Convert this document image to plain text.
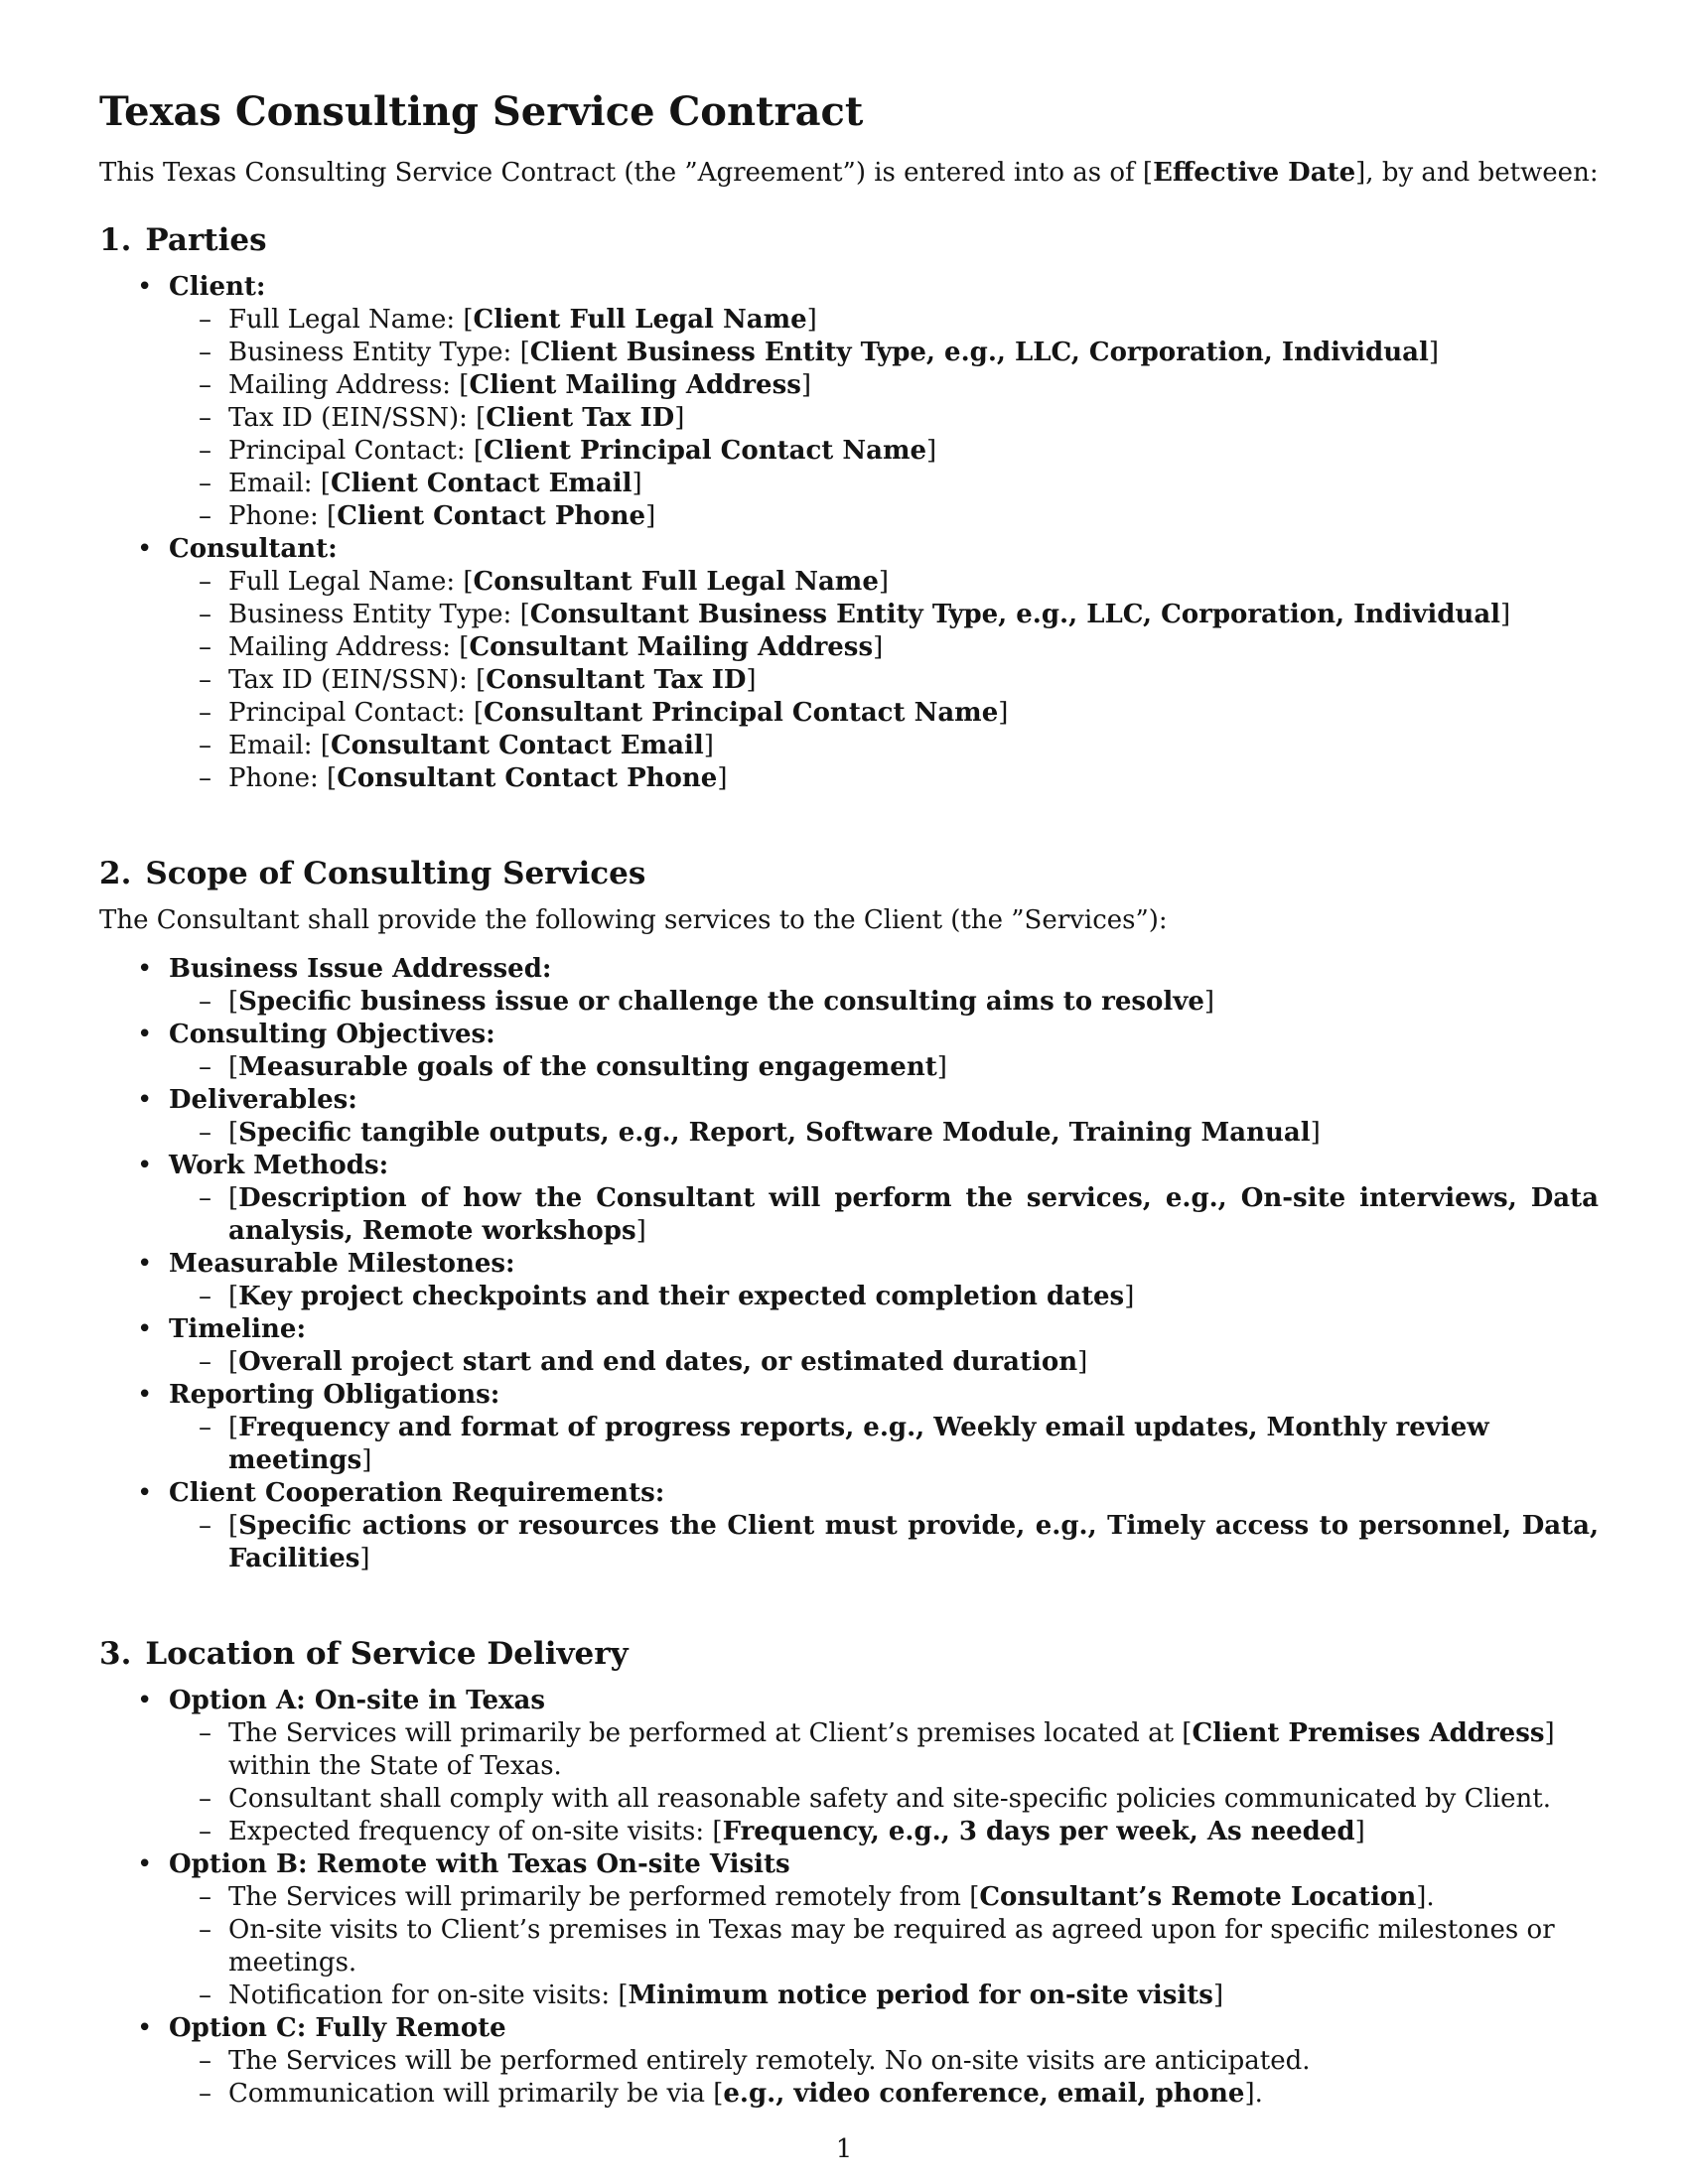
Texas Consulting Service Contract

This Texas Consulting Service Contract (the ”Agreement”) is entered into as of [Effective Date], by and between:

1. Parties
• Client:
– Full Legal Name: [Client Full Legal Name]
– Business Entity Type: [Client Business Entity Type, e.g., LLC, Corporation, Individual]
– Mailing Address: [Client Mailing Address]
– Tax ID (EIN/SSN): [Client Tax ID]
– Principal Contact: [Client Principal Contact Name]
– Email: [Client Contact Email]
– Phone: [Client Contact Phone]
• Consultant:
– Full Legal Name: [Consultant Full Legal Name]
– Business Entity Type: [Consultant Business Entity Type, e.g., LLC, Corporation, Individual]
– Mailing Address: [Consultant Mailing Address]
– Tax ID (EIN/SSN): [Consultant Tax ID]
– Principal Contact: [Consultant Principal Contact Name]
– Email: [Consultant Contact Email]
– Phone: [Consultant Contact Phone]
2. Scope of Consulting Services

The Consultant shall provide the following services to the Client (the ”Services”):

• Business Issue Addressed:
– [Specific business issue or challenge the consulting aims to resolve]
• Consulting Objectives:
– [Measurable goals of the consulting engagement]
• Deliverables:
– [Specific tangible outputs, e.g., Report, Software Module, Training Manual]
• Work Methods:
– [Description of how the Consultant will perform the services, e.g., On-site interviews, Data analysis, Remote workshops]
• Measurable Milestones:
– [Key project checkpoints and their expected completion dates]
• Timeline:
– [Overall project start and end dates, or estimated duration]
• Reporting Obligations:
– [Frequency and format of progress reports, e.g., Weekly email updates, Monthly review meetings]
• Client Cooperation Requirements:
– [Specific actions or resources the Client must provide, e.g., Timely access to personnel, Data, Facilities]
3. Location of Service Delivery
• Option A: On-site in Texas
– The Services will primarily be performed at Client’s premises located at [Client Premises Address] within the State of Texas.
– Consultant shall comply with all reasonable safety and site-specific policies communicated by Client.
– Expected frequency of on-site visits: [Frequency, e.g., 3 days per week, As needed]
• Option B: Remote with Texas On-site Visits
– The Services will primarily be performed remotely from [Consultant’s Remote Location].
– On-site visits to Client’s premises in Texas may be required as agreed upon for specific milestones or meetings.
– Notification for on-site visits: [Minimum notice period for on-site visits]
• Option C: Fully Remote
– The Services will be performed entirely remotely. No on-site visits are anticipated.
– Communication will primarily be via [e.g., video conference, email, phone].
1
